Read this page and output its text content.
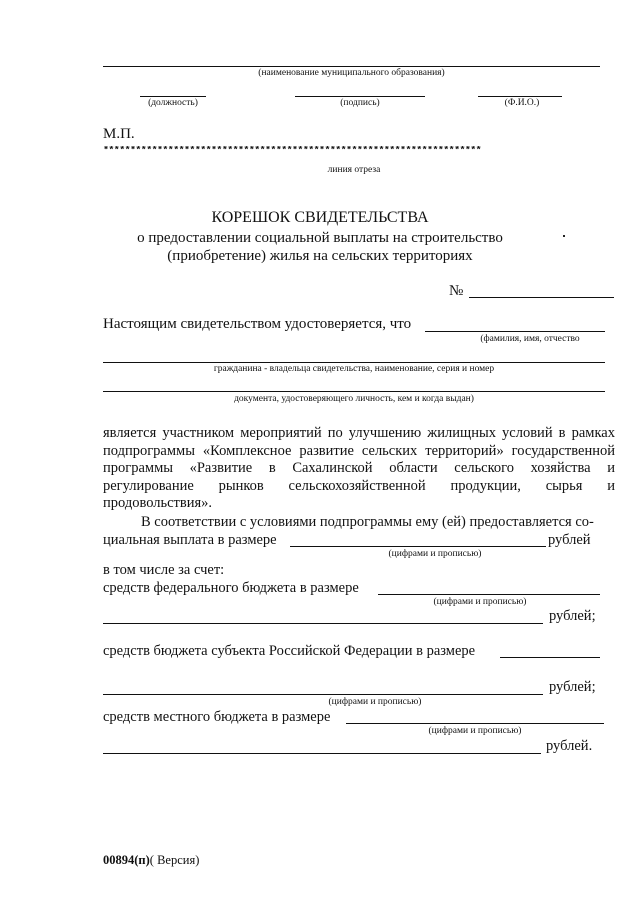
(наименование муниципального образования)
(должность)	(подпись)	(Ф.И.О.)
М.П.
**********************************************************************
линия отреза
КОРЕШОК СВИДЕТЕЛЬСТВА
о предоставлении социальной выплаты на строительство
(приобретение) жилья на сельских территориях
№
Настоящим свидетельством удостоверяется, что
(фамилия, имя, отчество
гражданина - владельца свидетельства, наименование, серия и номер
документа, удостоверяющего личность, кем и когда выдан)
является участником мероприятий по улучшению жилищных условий в рамках подпрограммы «Комплексное развитие сельских территорий» государственной программы «Развитие в Сахалинской области сельского хозяйства и регулирование рынков сельскохозяйственной продукции, сырья и продовольствия».
В соответствии с условиями подпрограммы ему (ей) предоставляется со-
циальная выплата в размере	рублей
(цифрами и прописью)
в том числе за счет:
средств федерального бюджета в размере
(цифрами и прописью)
рублей;
средств бюджета субъекта Российской Федерации в размере
рублей;
(цифрами и прописью)
средств местного бюджета в размере
(цифрами и прописью)
рублей.
00894(п)( Версия)
